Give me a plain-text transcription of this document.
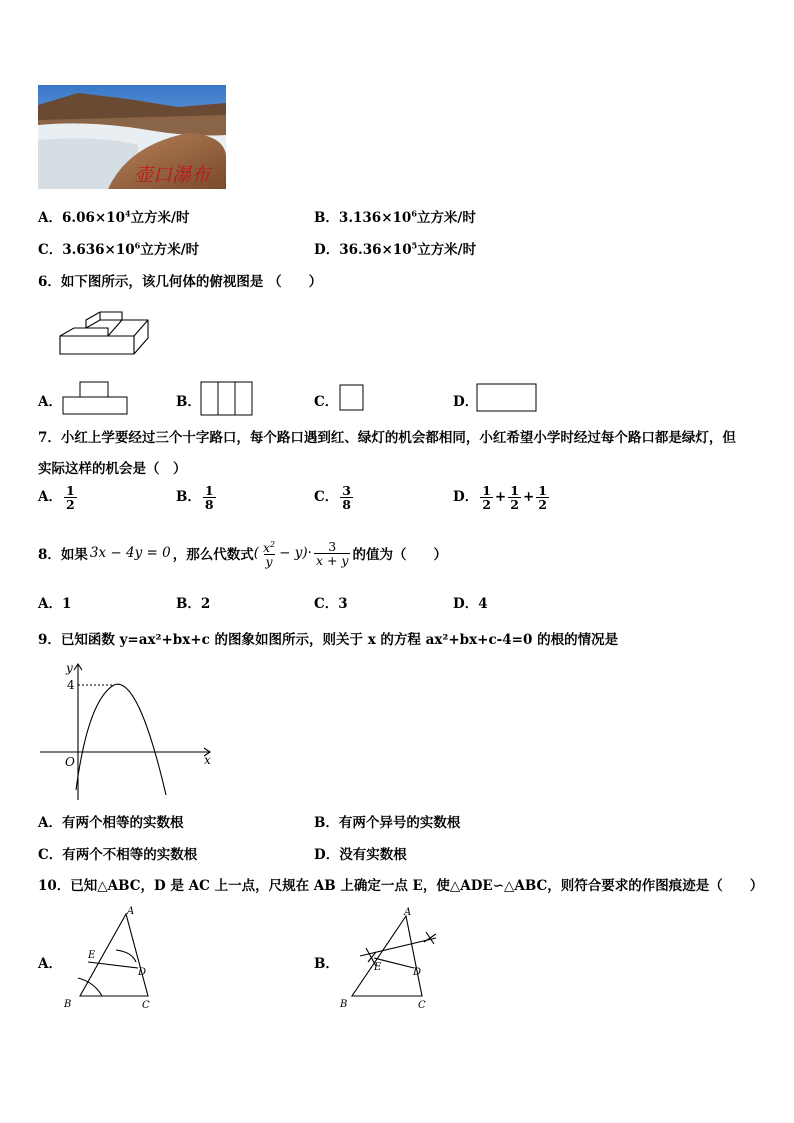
壶口瀑布
A．$6.06\times 10^4$立方米/时	B．$3.136\times 10^6$立方米/时
C．$3.636\times 10^6$立方米/时	D．$36.36\times 10^5$立方米/时
6．如下图所示，该几何体的俯视图是 （　　）
A．	B．	C．	D．
7．小红上学要经过三个十字路口，每个路口遇到红、绿灯的机会都相同，小红希望小学时经过每个路口都是绿灯，但
实际这样的机会是（　）
A． $\frac{1}{2}$	B． $\frac{1}{8}$	C． $\frac{3}{8}$	D． $\frac{1}{2} + \frac{1}{2} + \frac{1}{2}$
8．如果 3x − 4y = 0 ，那么代数式 ( $\frac{x^2}{y} - y)\cdot \frac{3}{x + y}$ 的值为（　　）
A．1	B．2	C．3	D．4
9．已知函数 y=ax²+bx+c 的图象如图所示，则关于 x 的方程 ax²+bx+c-4=0 的根的情况是
y
x
O
4
A．有两个相等的实数根	B．有两个异号的实数根
C．有两个不相等的实数根	D．没有实数根
10．已知△ABC，D 是 AC 上一点，尺规在 AB 上确定一点 E，使△ADE∽△ABC，则符合要求的作图痕迹是（　　）
A．
A
B	C
D
E
B．
A
B	C
D
E
